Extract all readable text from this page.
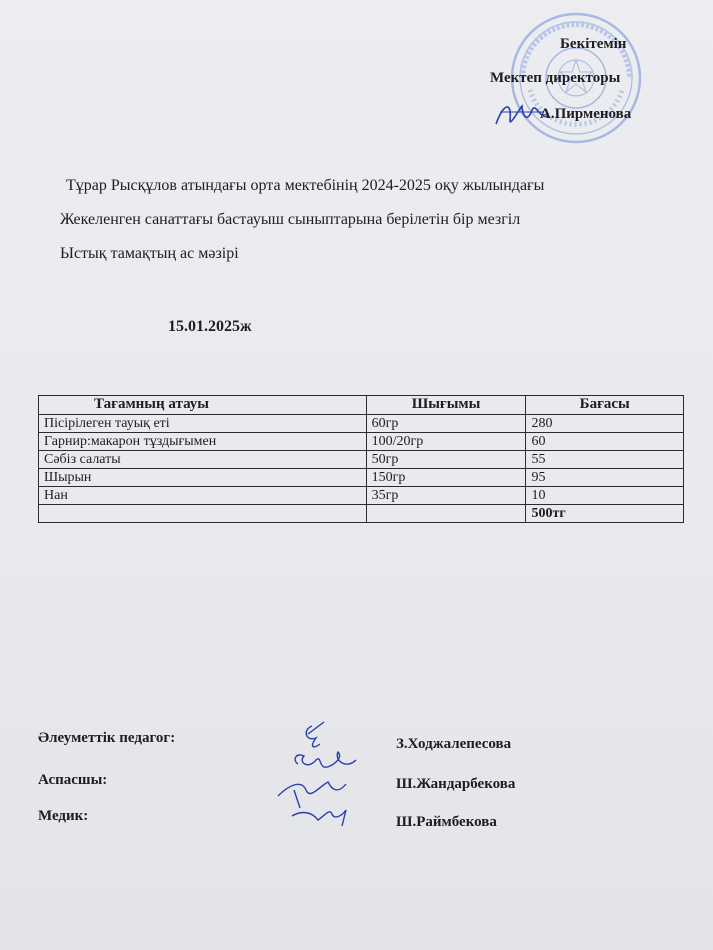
Бекітемін
Мектеп директоры
А.Пирменова
Тұрар Рысқұлов атындағы орта мектебінің 2024-2025 оқу жылындағы
Жекеленген санаттағы бастауыш сыныптарына берілетін бір мезгіл
Ыстық тамақтың ас мәзірі
15.01.2025ж
Тағамның атауы	Шығымы	Бағасы
Пісірілеген тауық еті	60гр	280
Гарнир:макарон тұздығымен	100/20гр	60
Сәбіз салаты	50гр	55
Шырын	150гр	95
Нан	35гр	10
		500тг
Әлеуметтік педагог:
Аспасшы:
Медик:
З.Ходжалепесова
Ш.Жандарбекова
Ш.Раймбекова
